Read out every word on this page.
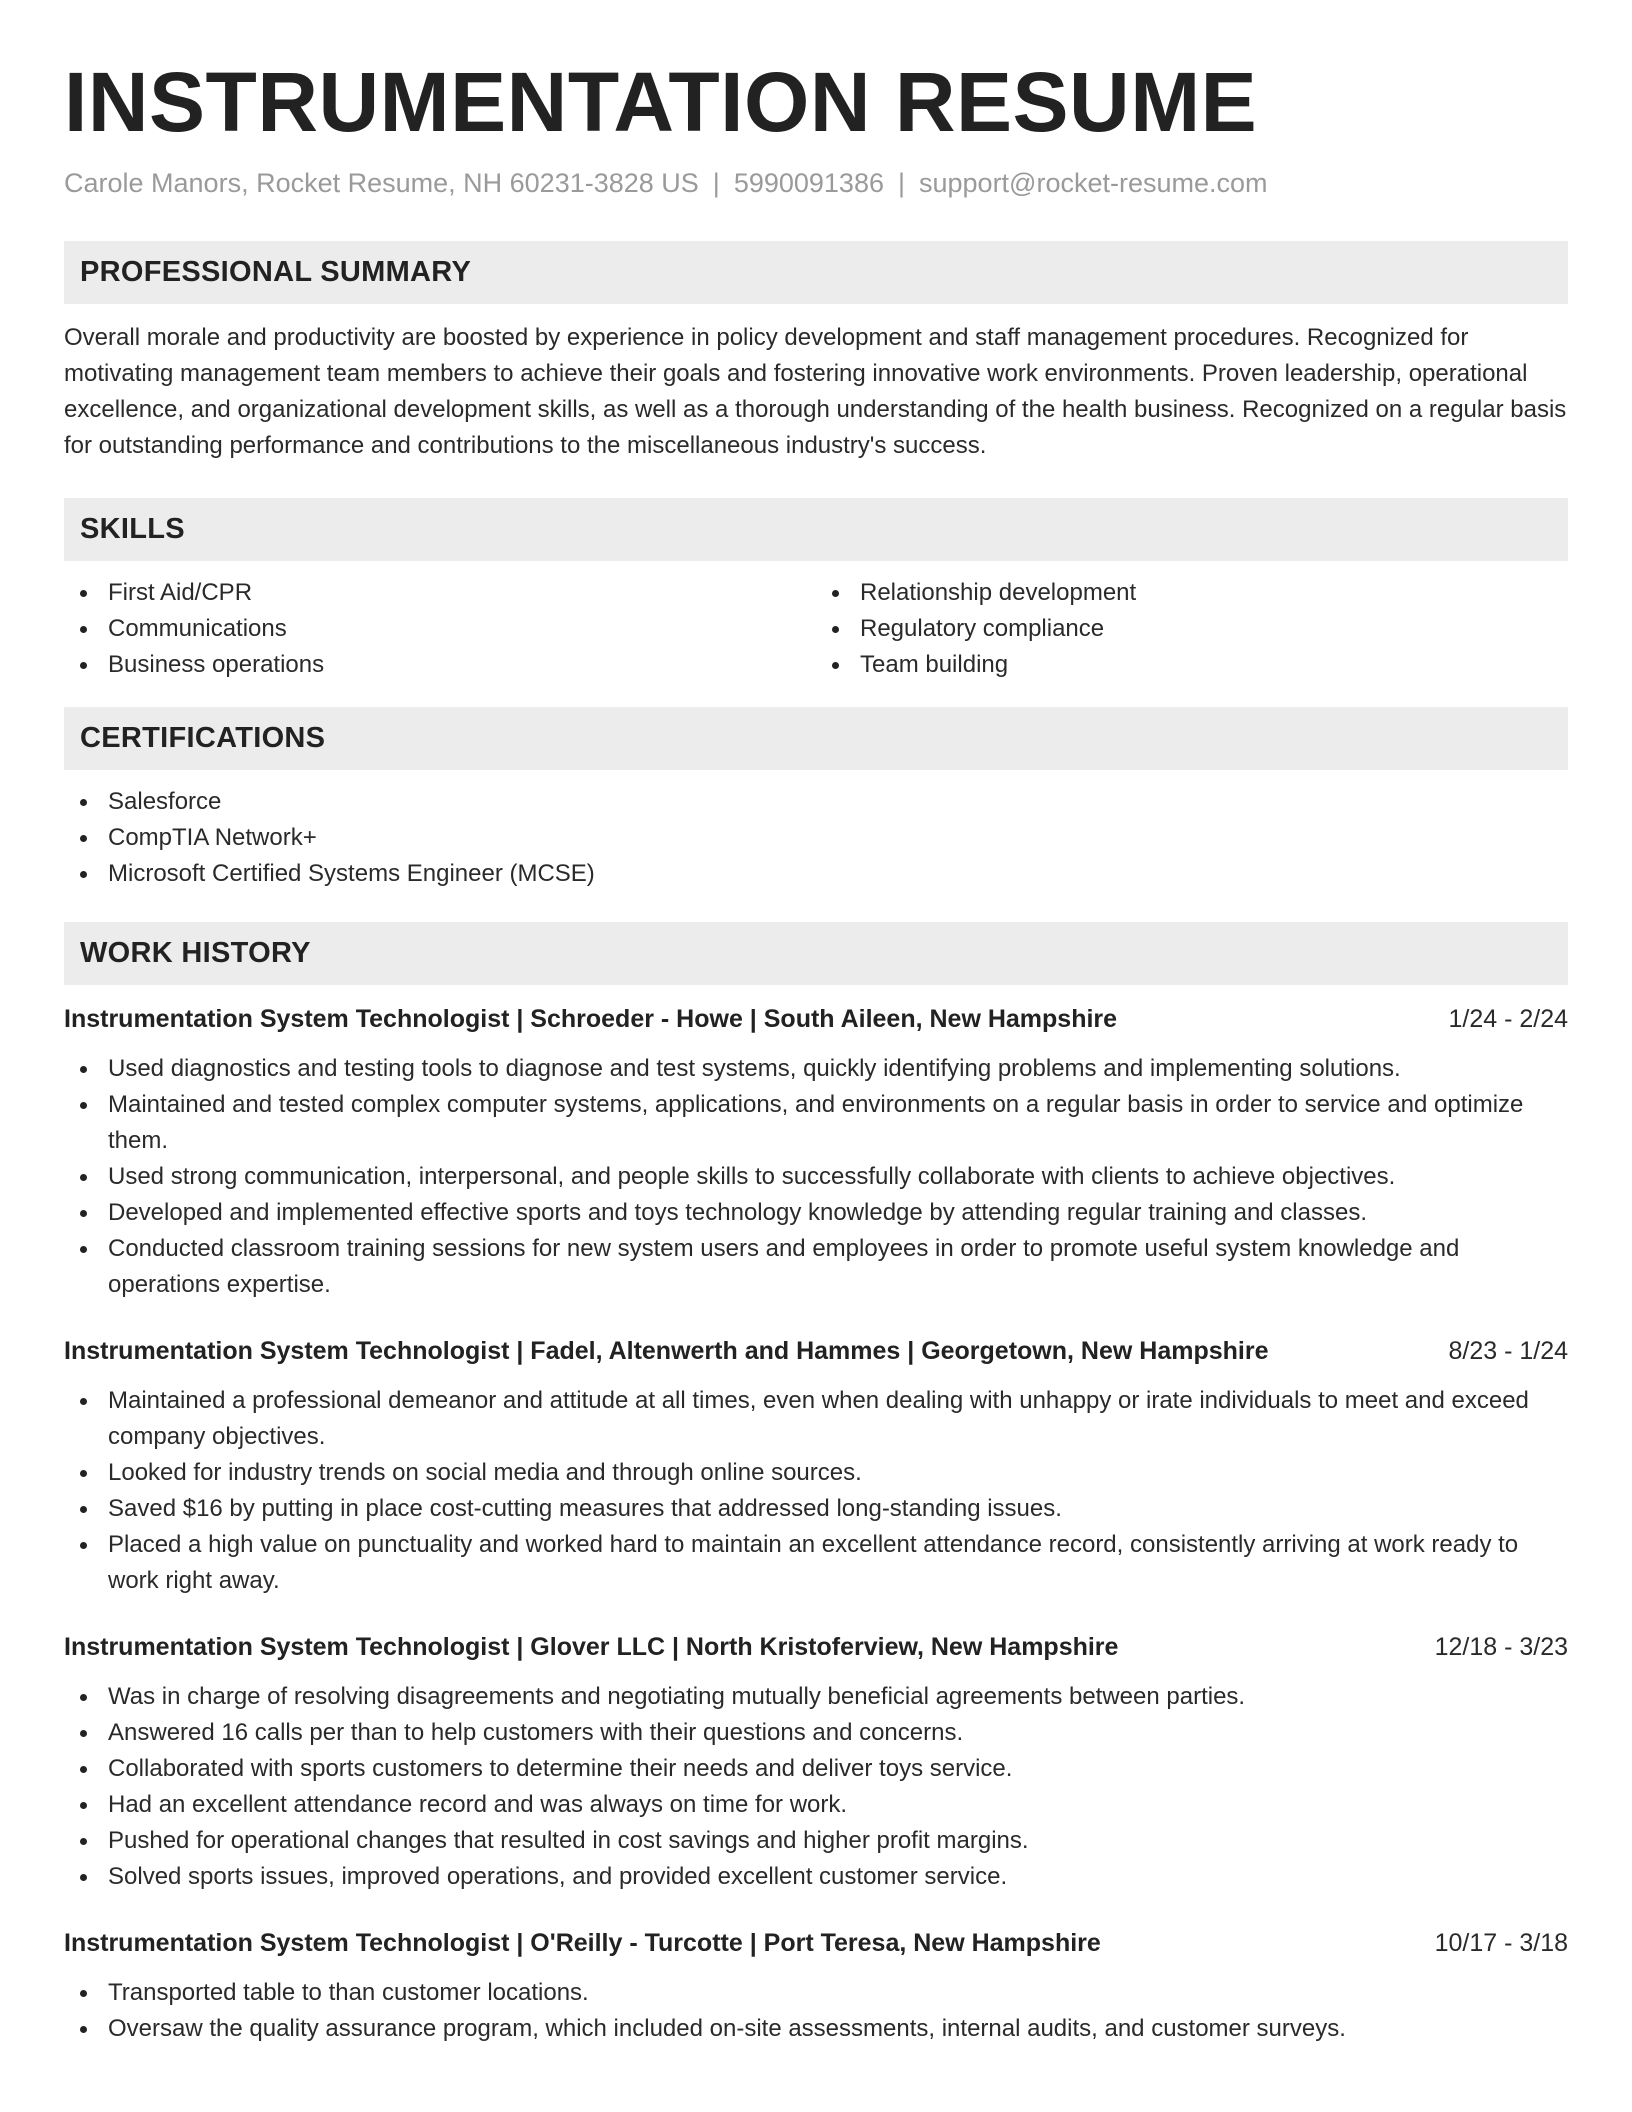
INSTRUMENTATION RESUME
Carole Manors, Rocket Resume, NH 60231-3828 US | 5990091386 | support@rocket-resume.com
PROFESSIONAL SUMMARY

Overall morale and productivity are boosted by experience in policy development and staff management procedures. Recognized for motivating management team members to achieve their goals and fostering innovative work environments. Proven leadership, operational excellence, and organizational development skills, as well as a thorough understanding of the health business. Recognized on a regular basis for outstanding performance and contributions to the miscellaneous industry's success.

SKILLS
First Aid/CPR
Communications
Business operations
Relationship development
Regulatory compliance
Team building
CERTIFICATIONS
Salesforce
CompTIA Network+
Microsoft Certified Systems Engineer (MCSE)
WORK HISTORY
Instrumentation System Technologist | Schroeder - Howe | South Aileen, New Hampshire	1/24 - 2/24
Used diagnostics and testing tools to diagnose and test systems, quickly identifying problems and implementing solutions.
Maintained and tested complex computer systems, applications, and environments on a regular basis in order to service and optimize them.
Used strong communication, interpersonal, and people skills to successfully collaborate with clients to achieve objectives.
Developed and implemented effective sports and toys technology knowledge by attending regular training and classes.
Conducted classroom training sessions for new system users and employees in order to promote useful system knowledge and operations expertise.
Instrumentation System Technologist | Fadel, Altenwerth and Hammes | Georgetown, New Hampshire	8/23 - 1/24
Maintained a professional demeanor and attitude at all times, even when dealing with unhappy or irate individuals to meet and exceed company objectives.
Looked for industry trends on social media and through online sources.
Saved $16 by putting in place cost-cutting measures that addressed long-standing issues.
Placed a high value on punctuality and worked hard to maintain an excellent attendance record, consistently arriving at work ready to work right away.
Instrumentation System Technologist | Glover LLC | North Kristoferview, New Hampshire	12/18 - 3/23
Was in charge of resolving disagreements and negotiating mutually beneficial agreements between parties.
Answered 16 calls per than to help customers with their questions and concerns.
Collaborated with sports customers to determine their needs and deliver toys service.
Had an excellent attendance record and was always on time for work.
Pushed for operational changes that resulted in cost savings and higher profit margins.
Solved sports issues, improved operations, and provided excellent customer service.
Instrumentation System Technologist | O'Reilly - Turcotte | Port Teresa, New Hampshire	10/17 - 3/18
Transported table to than customer locations.
Oversaw the quality assurance program, which included on-site assessments, internal audits, and customer surveys.
